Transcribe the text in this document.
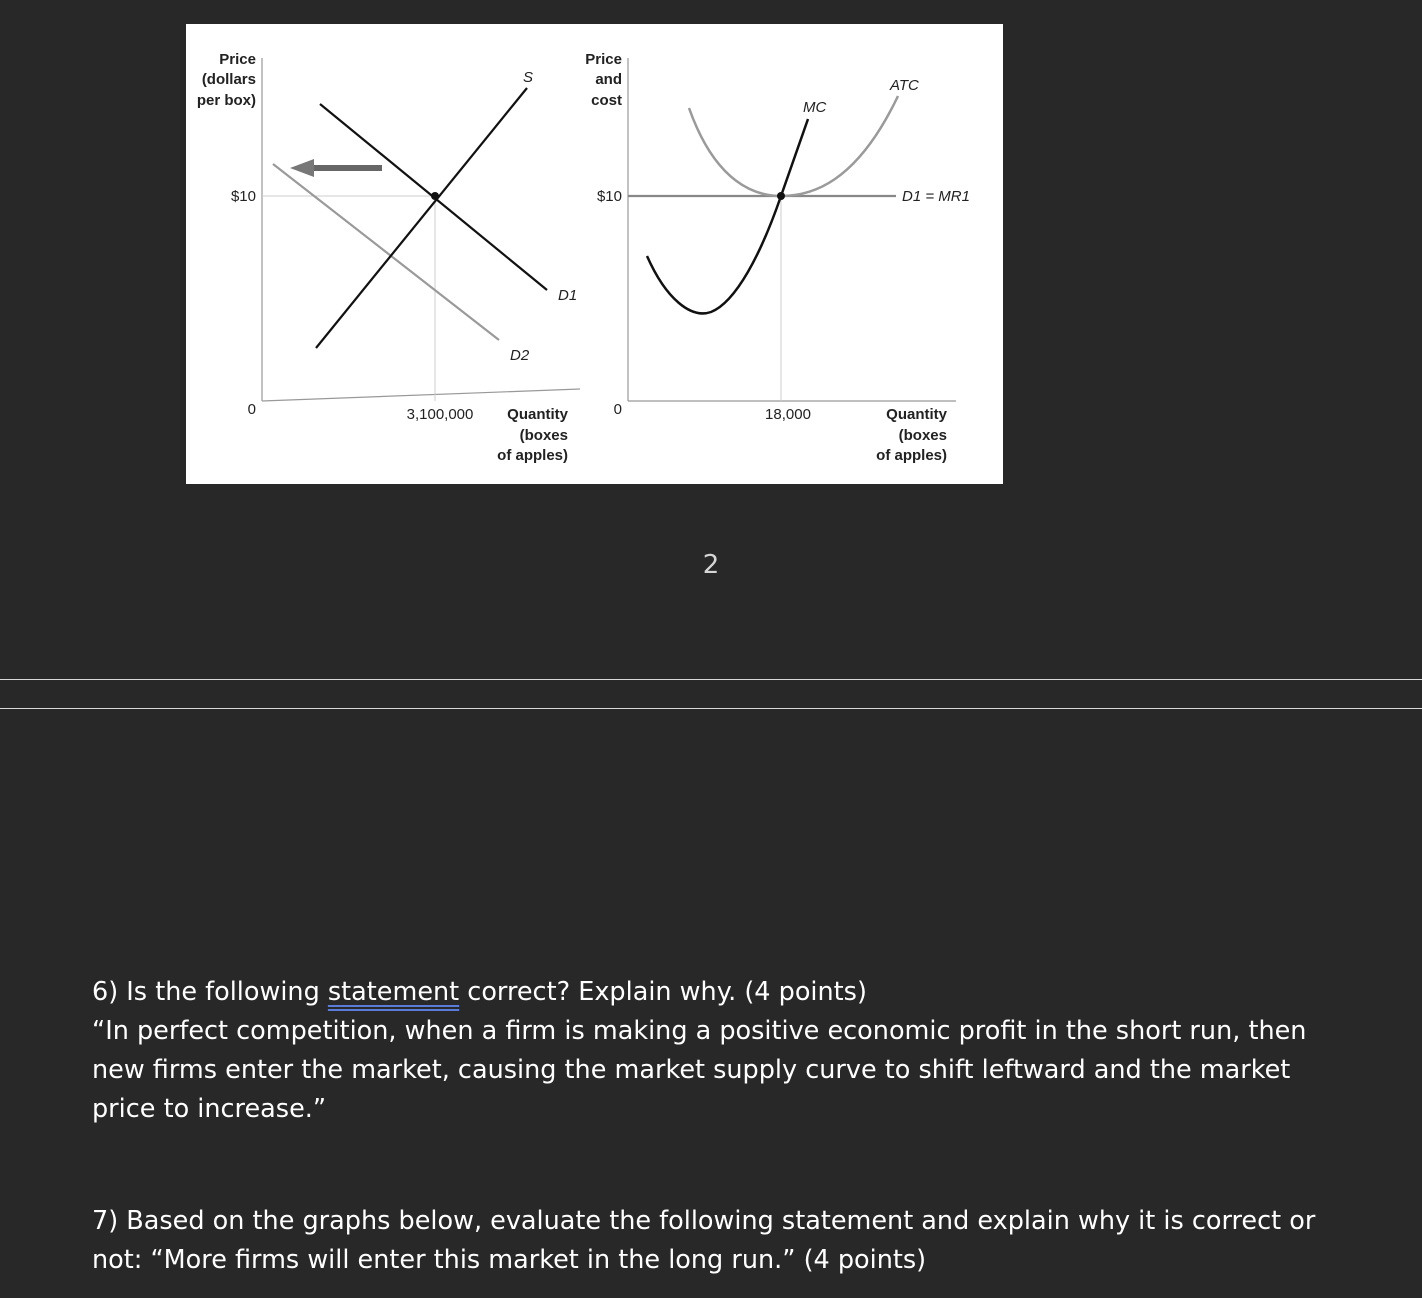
Price
(dollars
per box)
$10
0	3,100,000 Quantity
(boxes
of apples)
S
D1
D2
Price
and
cost
$10
0	18,000	Quantity
(boxes
of apples)
MC
ATC
D1 = MR1
2
6) Is the following statement correct? Explain why. (4 points)
“In perfect competition, when a firm is making a positive economic profit in the short run, then
new firms enter the market, causing the market supply curve to shift leftward and the market
price to increase.”
7) Based on the graphs below, evaluate the following statement and explain why it is correct or
not: “More firms will enter this market in the long run.” (4 points)
